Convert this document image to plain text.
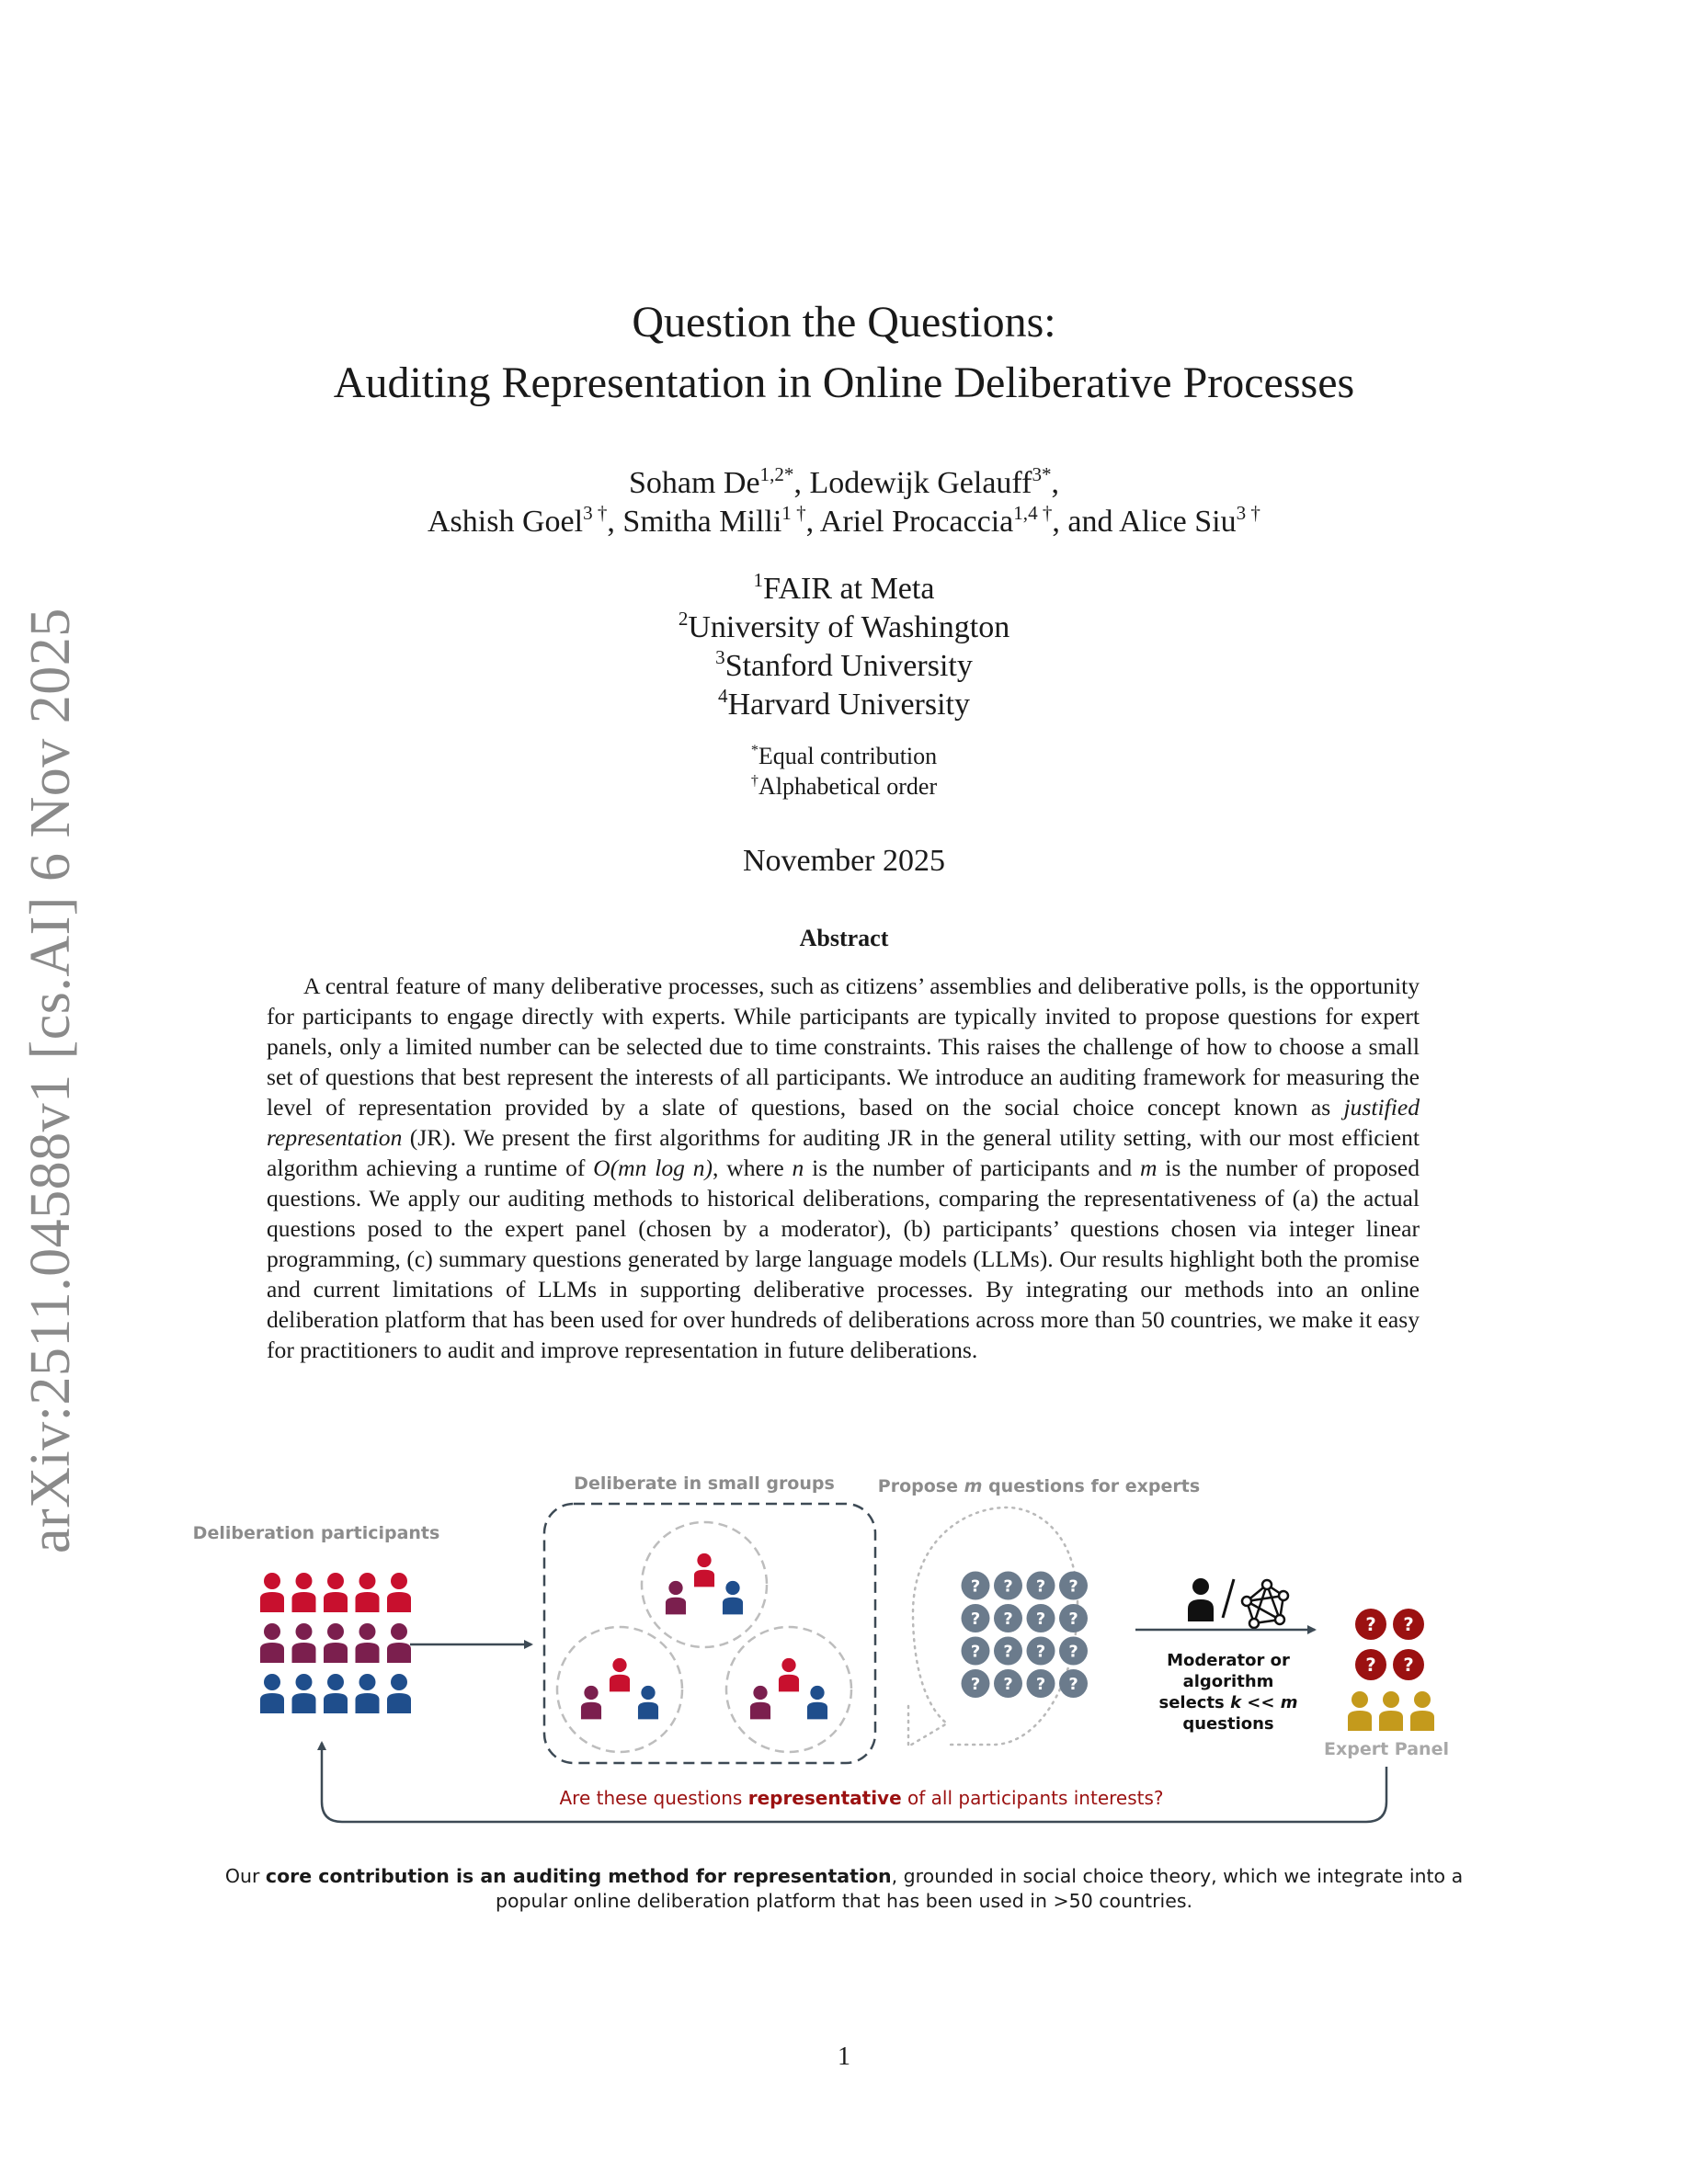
arXiv:2511.04588v1 [cs.AI] 6 Nov 2025
Question the Questions:
Auditing Representation in Online Deliberative Processes
Soham $De^{1,2*}$, Lodewijk Gelauff$^{3*}$,
Ashish Goel$^{3 \dagger}$, Smitha Milli$^{1 \dagger}$, Ariel Procaccia$^{1,4 \dagger}$, and Alice Siu$^{3 \dagger}$
$^1$FAIR at Meta
$^2$University of Washington
$^3$Stanford University
$^4$Harvard University
*Equal contribution
†Alphabetical order
November 2025
Abstract
A central feature of many deliberative processes, such as citizens’ assemblies and deliberative polls, is the opportunity for participants to engage directly with experts. While participants are typically invited to propose questions for expert panels, only a limited number can be selected due to time constraints. This raises the challenge of how to choose a small set of questions that best represent the interests of all participants. We introduce an auditing framework for measuring the level of representation provided by a slate of questions, based on the social choice concept known as justified representation (JR). We present the first algorithms for auditing JR in the general utility setting, with our most efficient algorithm achieving a runtime of O(mn log n), where n is the number of participants and m is the number of proposed questions. We apply our auditing methods to historical deliberations, comparing the representativeness of (a) the actual questions posed to the expert panel (chosen by a moderator), (b) participants’ questions chosen via integer linear programming, (c) summary questions generated by large language models (LLMs). Our results highlight both the promise and current limitations of LLMs in supporting deliberative processes. By integrating our methods into an online deliberation platform that has been used for over hundreds of deliberations across more than 50 countries, we make it easy for practitioners to audit and improve representation in future deliberations.
Deliberation participants
Deliberate in small groups Propose m questions for experts
? ? ? ?
? ? ? ?
? ? ? ?
? ? ? ?
Moderator or
algorithm
selects k << m
questions
? ?
? ?
Expert Panel
Are these questions representative of all participants interests?
Our core contribution is an auditing method for representation, grounded in social choice theory, which we integrate into a popular online deliberation platform that has been used in >50 countries.
1
